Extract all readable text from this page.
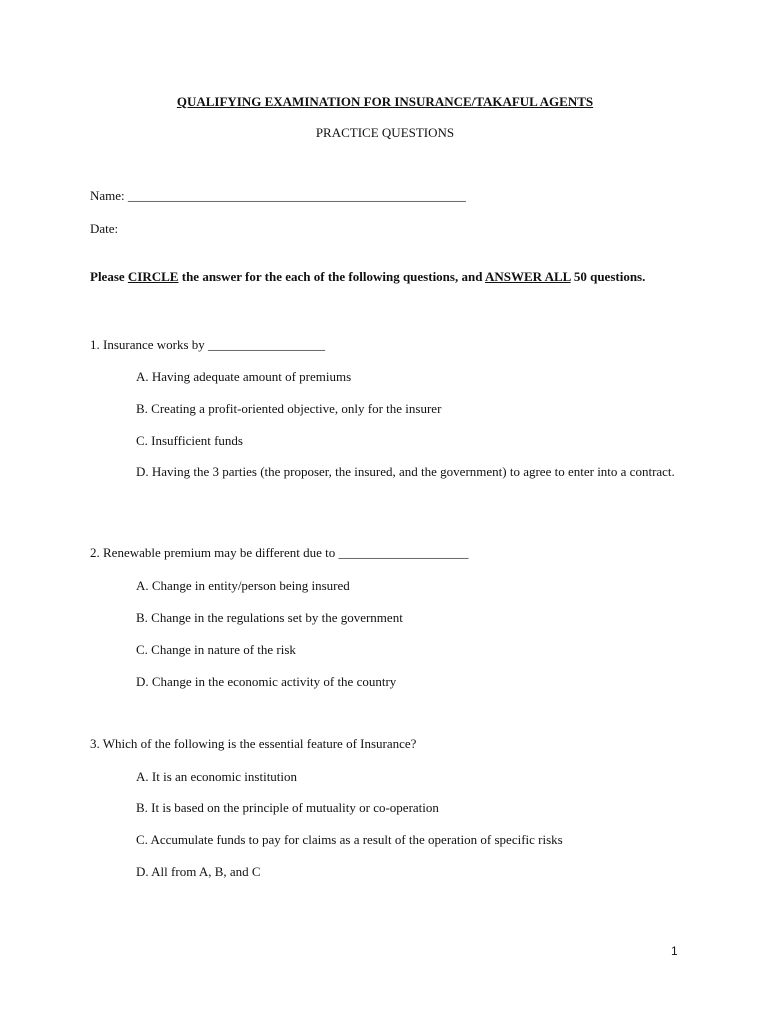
QUALIFYING EXAMINATION FOR INSURANCE/TAKAFUL AGENTS
PRACTICE QUESTIONS
Name: ____________________________________________________
Date:
Please CIRCLE the answer for the each of the following questions, and ANSWER ALL 50 questions.
1. Insurance works by __________________
A. Having adequate amount of premiums
B. Creating a profit-oriented objective, only for the insurer
C. Insufficient funds
D. Having the 3 parties (the proposer, the insured, and the government) to agree to enter into a contract.
2. Renewable premium may be different due to ____________________
A. Change in entity/person being insured
B. Change in the regulations set by the government
C. Change in nature of the risk
D. Change in the economic activity of the country
3. Which of the following is the essential feature of Insurance?
A. It is an economic institution
B. It is based on the principle of mutuality or co-operation
C. Accumulate funds to pay for claims as a result of the operation of specific risks
D. All from A, B, and C
1
